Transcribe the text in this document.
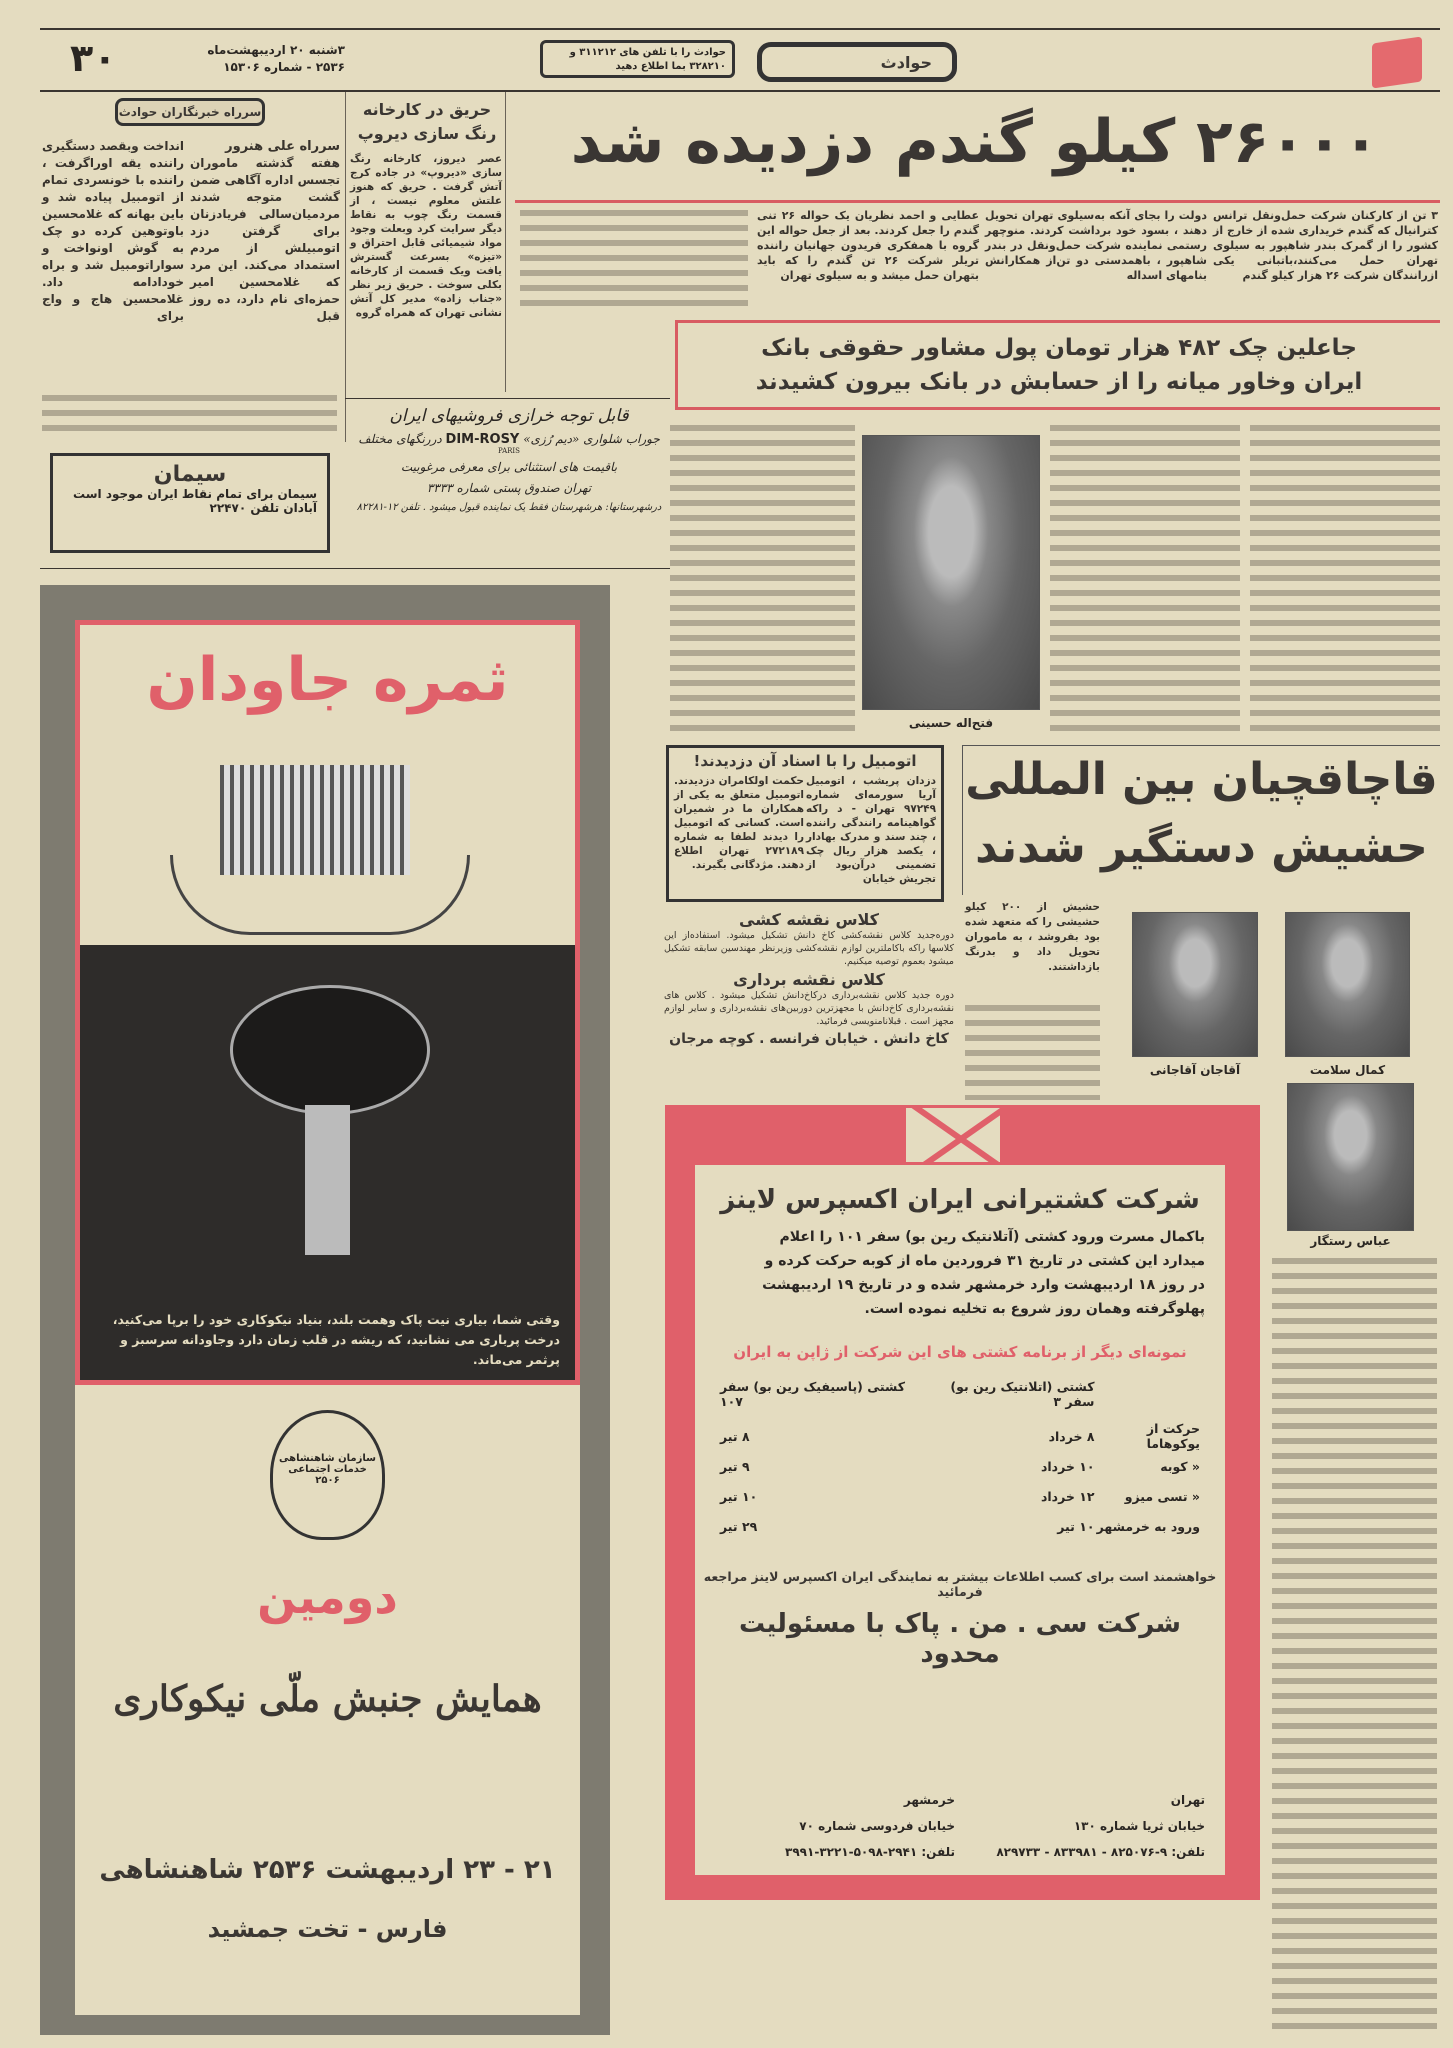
۳۰	۳شنبه ۲۰ اردیبهشت‌ماه
۲۵۳۶ - شماره ۱۵۳۰۶
حوادث را با تلفن های ۳۱۱۲۱۲ و
۳۲۸۲۱۰ بما اطلاع دهید	حوادث
سرراه خبرنگاران حوادث
سرراه علی هنرور
هفته گذشته ماموران تجسس اداره آگاهی ضمن گشت متوجه شدند مردمیان‌سالی فریادزنان برای گرفتن دزد اتومبیلش از مردم استمداد می‌کند. این مرد که غلامحسین امیر حمزه‌ای نام دارد، ده روز قبل
انداخت وبقصد دستگیری راننده یقه اوراگرفت ، راننده با خونسردی تمام از اتومبیل پیاده شد و باین بهانه که غلامحسین باوتوهین کرده دو چک به گوش اونواخت و سواراتومبیل شد و براه خودادامه داد. غلامحسین هاج و واج برای
حریق در کارخانه رنگ سازی دیروپ
عصر دیروز، کارخانه رنگ سازی «دیروپ» در جاده کرج آتش گرفت . حریق که هنوز علتش معلوم نیست ، از قسمت رنگ چوب به نقاط دیگر سرایت کرد وبعلت وجود مواد شیمیائی قابل احتراق و «تیزه» بسرعت گسترش یافت ویک قسمت از کارخانه بکلی سوخت . حریق زیر نظر «جناب زاده» مدیر کل آتش نشانی تهران که همراه گروه
۲۶۰۰۰ کیلو گندم دزدیده شد
۳ تن از کارکنان شرکت حمل‌ونقل ترانس کترانیال که گندم خریداری شده از خارج از کشور را از گمرک بندر شاهپور به سیلوی تهران حمل می‌کنند،باتبانی یکی ازرانندگان شرکت ۲۶ هزار کیلو گندم
دولت را بجای آنکه به‌سیلوی تهران تحویل دهند ، بسود خود برداشت کردند. منوچهر رستمی نماینده شرکت حمل‌ونقل در بندر شاهپور ، باهمدستی دو تن‌از همکارانش بنامهای اسداله
عطایی و احمد نظریان یک حواله ۲۶ تنی گندم را جعل کردند. بعد از جعل حواله این گروه با همفکری فریدون جهانیان راننده تریلر شرکت ۲۶ تن گندم را که باید بتهران حمل میشد و به سیلوی تهران
جاعلین چک ۴۸۲ هزار تومان پول مشاور حقوقی بانک
ایران وخاور میانه را از حسابش در بانک بیرون کشیدند
قابل توجه خرازی فروشیهای ایران
جوراب شلواری «دیم رُزی» DIM-ROSY دررنگهای مختلف
PARIS
باقیمت های استثنائی برای معرفی مرغوبیت
تهران صندوق پستی شماره ۳۳۳۳
درشهرستانها: هرشهرستان فقط یک نماینده قبول میشود . تلفن ۱۲-۸۲۲۸۱
سیمان
سیمان برای تمام نقاط ایران موجود است
آبادان تلفن ۲۲۴۷۰
ثمره جاودان
وقتی شما، بیاری نیت پاک وهمت بلند، بنیاد نیکوکاری خود را برپا می‌کنید، درخت پرباری می نشانید، که ریشه در قلب زمان دارد وجاودانه سرسبز و پرثمر می‌ماند.
سازمان شاهنشاهی
خدمات اجتماعی
۲۵۰۶
دومین
همایش جنبش ملّی نیکوکاری
۲۱ - ۲۳ اردیبهشت ۲۵۳۶ شاهنشاهی
فارس - تخت جمشید
فتح‌اله حسینی
اتومبیل را با اسناد آن دزدیدند!
دزدان پریشب ، اتومبیل آریا سورمه‌ای شماره ۹۷۲۴۹ تهران - د راکه گواهینامه رانندگی راننده ، چند سند و مدرک بهادار ، یکصد هزار ریال چک تضمینی درآن‌بود از تجریش خیابان
حکمت اولکامران دزدیدند. اتومبیل متعلق به یکی از همکاران ما در شمیران است. کسانی که اتومبیل را دیدند لطفا به شماره ۲۷۲۱۸۹ تهران اطلاع دهند. مژدگانی بگیرند.
کلاس نقشه کشی
دوره‌جدید کلاس نقشه‌کشی کاخ دانش تشکیل میشود. استفاده‌از این کلاسها راکه باکاملترین لوازم نقشه‌کشی وزیرنظر مهندسین سابقه تشکیل میشود بعموم توصیه میکنیم.
کلاس نقشه برداری
دوره جدید کلاس نقشه‌برداری درکاخ‌دانش تشکیل میشود . کلاس های نقشه‌برداری کاخ‌دانش با مجهزترین دوربین‌های نقشه‌برداری و سایر لوازم مجهز است . قبلا‌نامنویسی فرمائید.
کاخ دانش . خیابان فرانسه . کوچه مرجان
قاچاقچیان بین المللی
حشیش دستگیر شدند
حشیش از ۲۰۰ کیلو حشیشی را که متعهد شده بود بفروشد ، به ماموران تحویل داد و بدرنگ بازداشتند.
کمال سلامت
آقاجان آقاجانی
عباس رستگار
شرکت کشتیرانی ایران اکسپرس لاینز
باکمال مسرت ورود کشتی (آتلانتیک رین بو) سفر ۱۰۱ را اعلام میدارد این کشتی در تاریخ ۳۱ فروردین ماه از کوبه حرکت کرده و در روز ۱۸ اردیبهشت وارد خرمشهر شده و در تاریخ ۱۹ اردیبهشت پهلوگرفته وهمان روز شروع به تخلیه نموده است.
نمونه‌ای دیگر از برنامه کشتی های این شرکت از ژاپن به ایران
	کشتی (اتلانتیک رین بو) سفر ۳	کشتی (پاسیفیک رین بو) سفر ۱۰۷
حرکت از یوکوهاما	۸ خرداد	۸ تیر
« کوبه	۱۰ خرداد	۹ تیر
« تسی میزو	۱۲ خرداد	۱۰ تیر
ورود به خرمشهر	۱۰ تیر	۲۹ تیر
خواهشمند است برای کسب اطلاعات بیشتر به نمایندگی ایران اکسپرس لاینز مراجعه فرمائید
شرکت سی . من . پاک با مسئولیت محدود
تهران
خیابان ثریا شماره ۱۳۰
تلفن: ۹-۸۲۵۰۷۶ - ۸۳۳۹۸۱ - ۸۲۹۷۳۳
خرمشهر
خیابان فردوسی شماره ۷۰
تلفن: ۲۹۴۱-۵۰۹۸-۳۲۲۱-۳۹۹۱
